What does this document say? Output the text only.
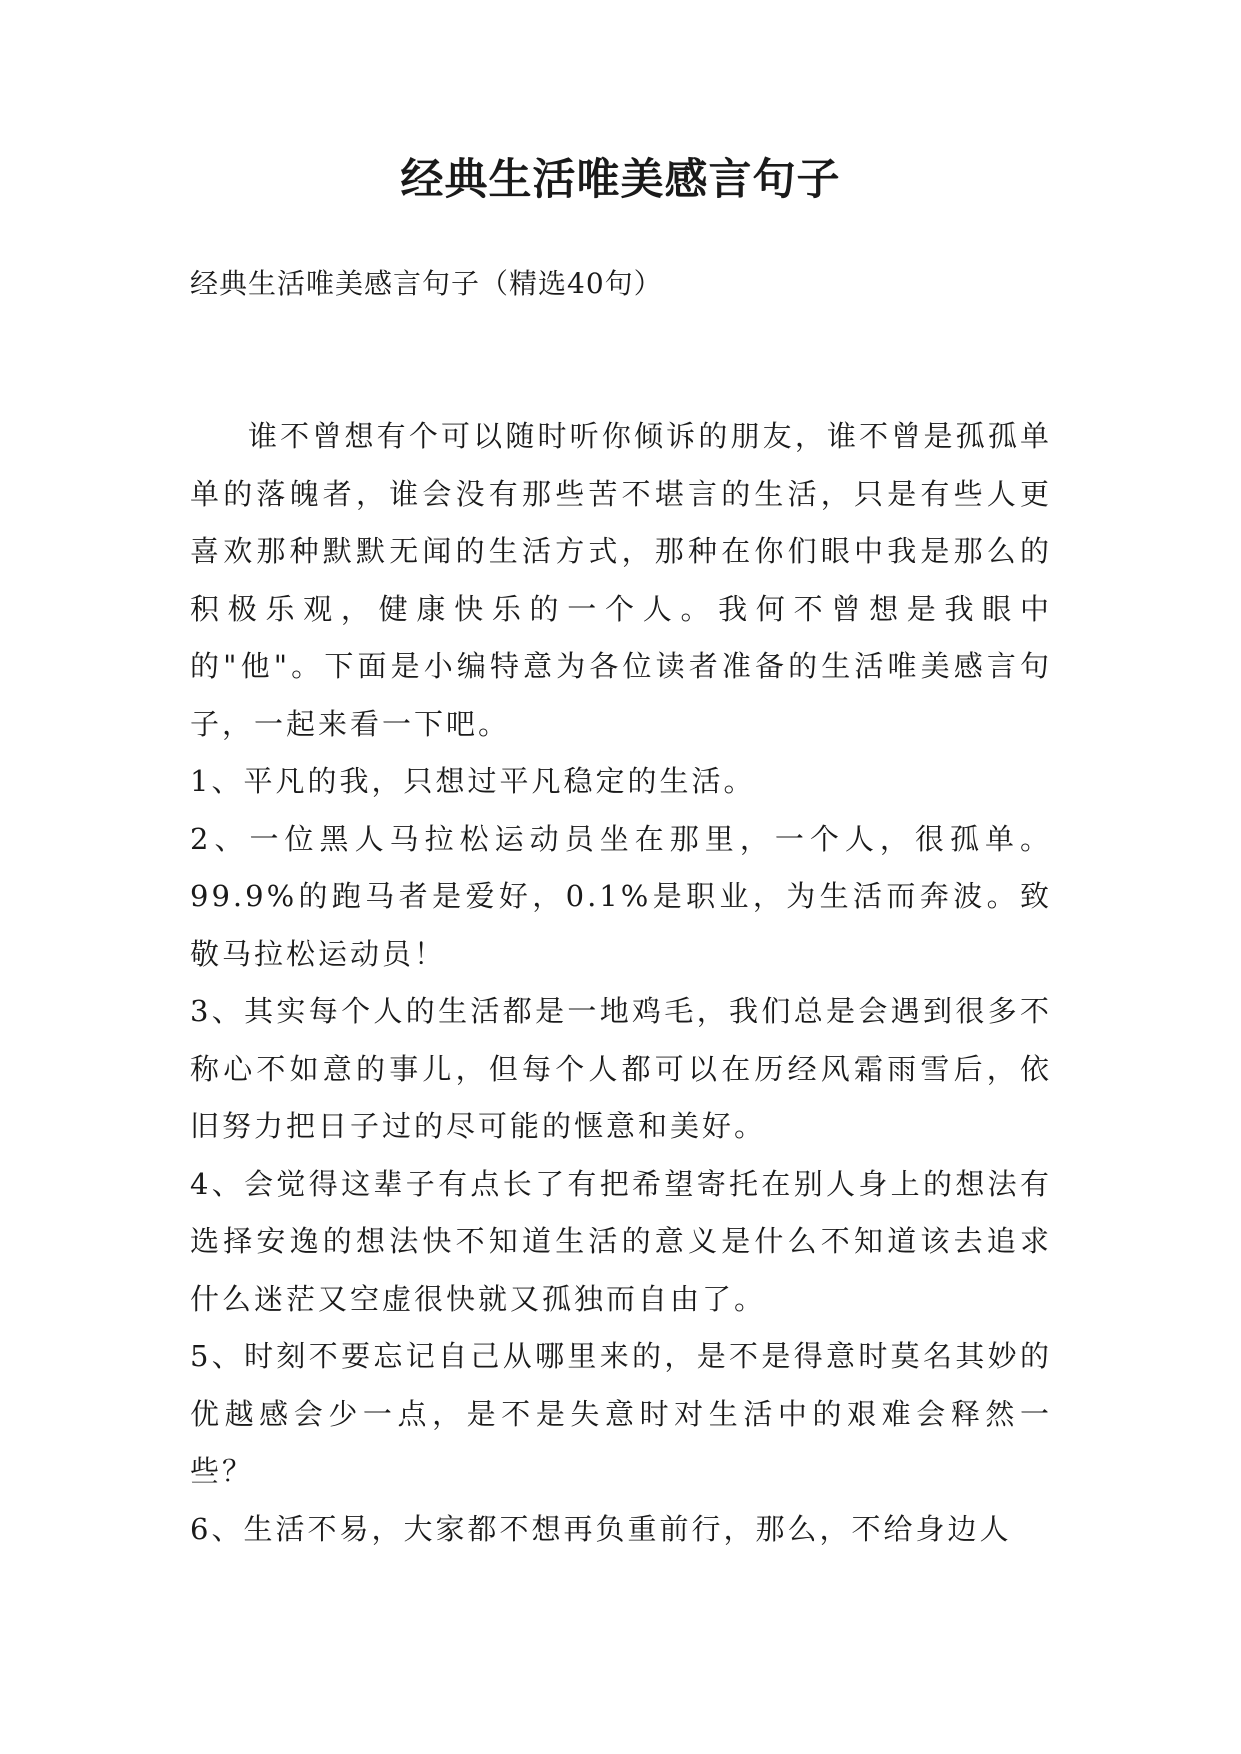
经典生活唯美感言句子

经典生活唯美感言句子（精选40句）

谁不曾想有个可以随时听你倾诉的朋友，谁不曾是孤孤单单的落魄者，谁会没有那些苦不堪言的生活，只是有些人更喜欢那种默默无闻的生活方式，那种在你们眼中我是那么的积极乐观，健康快乐的一个人。我何不曾想是我眼中的"他"。下面是小编特意为各位读者准备的生活唯美感言句子，一起来看一下吧。

1、平凡的我，只想过平凡稳定的生活。

2、一位黑人马拉松运动员坐在那里，一个人，很孤单。99.9%的跑马者是爱好，0.1%是职业，为生活而奔波。致敬马拉松运动员！

3、其实每个人的生活都是一地鸡毛，我们总是会遇到很多不称心不如意的事儿，但每个人都可以在历经风霜雨雪后，依旧努力把日子过的尽可能的惬意和美好。

4、会觉得这辈子有点长了有把希望寄托在别人身上的想法有选择安逸的想法快不知道生活的意义是什么不知道该去追求什么迷茫又空虚很快就又孤独而自由了。

5、时刻不要忘记自己从哪里来的，是不是得意时莫名其妙的优越感会少一点，是不是失意时对生活中的艰难会释然一些？

6、生活不易，大家都不想再负重前行，那么，不给身边人
